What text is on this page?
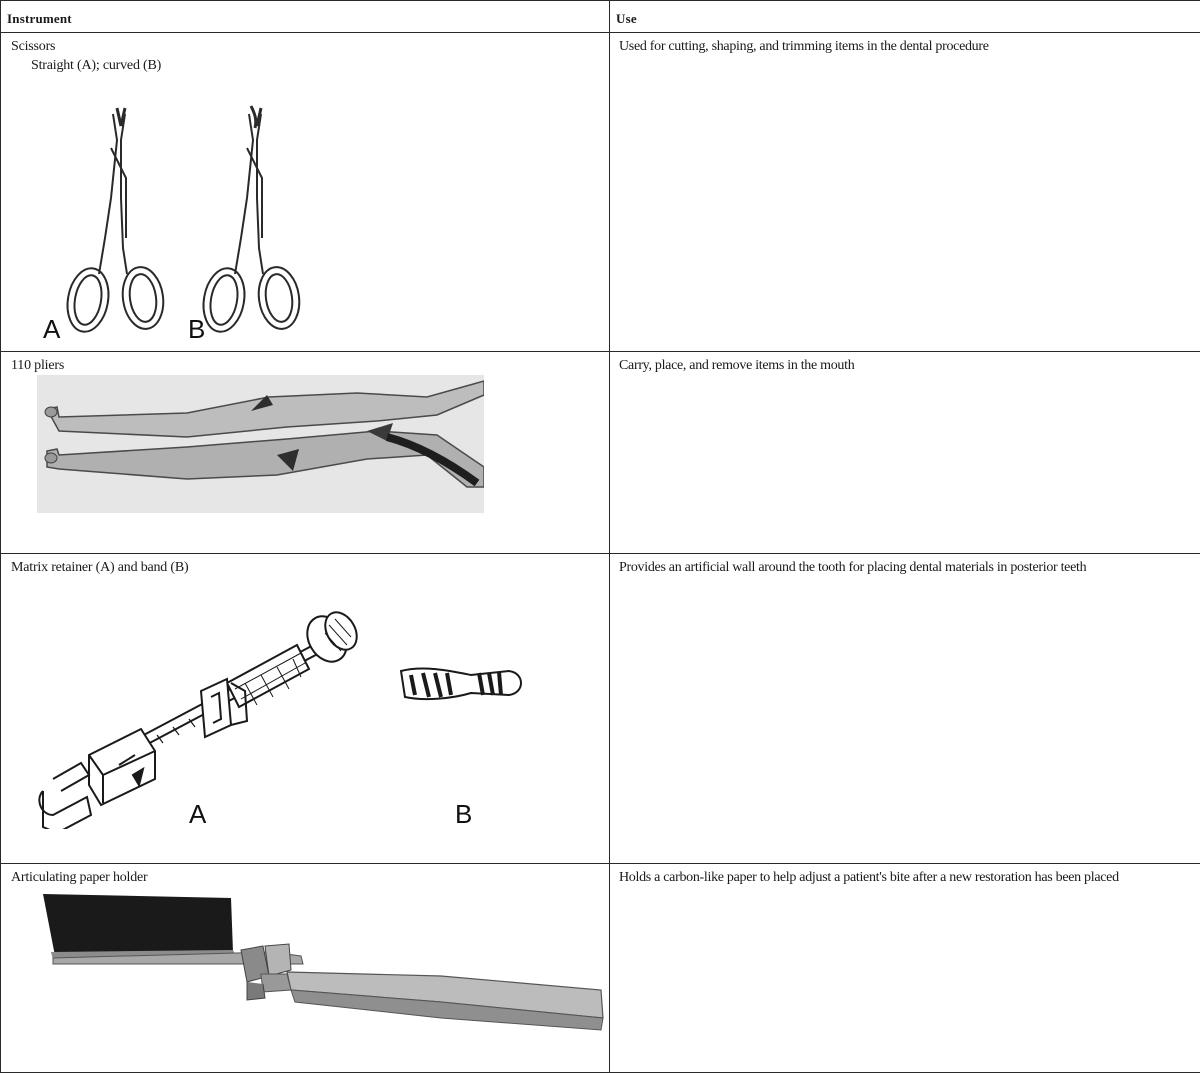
Instrument	Use

Scissors
Straight (A); curved (B)
A B	Used for cutting, shaping, and trimming items in the dental procedure

110 pliers	Carry, place, and remove items in the mouth

Matrix retainer (A) and band (B)
A B	Provides an artificial wall around the tooth for placing dental materials in posterior teeth

Articulating paper holder	Holds a carbon-like paper to help adjust a patient's bite after a new restoration has been placed
